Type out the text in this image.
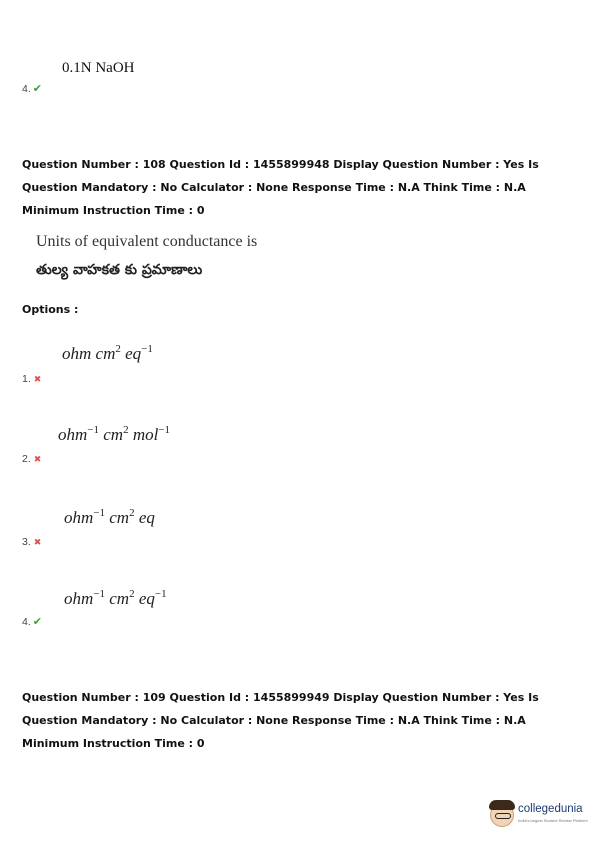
0.1N NaOH
4. ✔
Question Number : 108 Question Id : 1455899948 Display Question Number : Yes Is Question Mandatory : No Calculator : None Response Time : N.A Think Time : N.A Minimum Instruction Time : 0
Units of equivalent conductance is
తుల్య వాహకత కు ప్రమాణాలు
Options :
ohm $cm^2$ $eq^{-1}$
1. ✖
ohm$^{-1}$ $cm^2$ mol$^{-1}$
2. ✖
ohm$^{-1}$ $cm^2$ eq
3. ✖
ohm$^{-1}$ $cm^2$ $eq^{-1}$
4. ✔
Question Number : 109 Question Id : 1455899949 Display Question Number : Yes Is Question Mandatory : No Calculator : None Response Time : N.A Think Time : N.A Minimum Instruction Time : 0
collegedunia
India's largest Student Review Platform
